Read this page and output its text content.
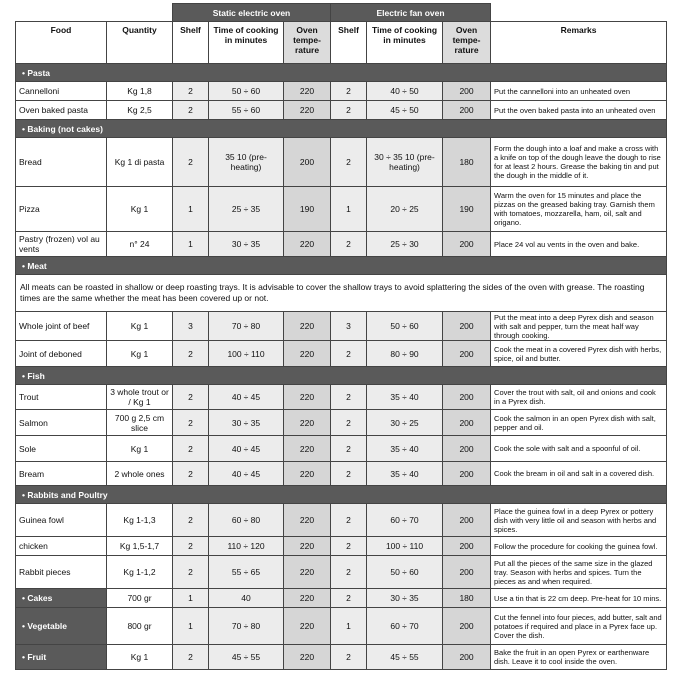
		Static electric oven			Electric fan oven			
Food	Quantity	Shelf	Time of cooking in minutes	Oven tempe-rature	Shelf	Time of cooking in minutes	Oven tempe-rature	Remarks
• Pasta								
Cannelloni	Kg 1,8	2	50 ÷ 60	220	2	40 ÷ 50	200	Put the cannelloni into an unheated oven
Oven baked pasta	Kg 2,5	2	55 ÷ 60	220	2	45 ÷ 50	200	Put the oven baked pasta into an unheated oven
• Baking (not cakes)								
Bread	Kg 1 di pasta	2	35 10 (pre-heating)	200	2	30 ÷ 35 10 (pre-heating)	180	Form the dough into a loaf and make a cross with a knife on top of the dough leave the dough to rise for at least 2 hours. Grease the baking tin and put the dough in the middle of it.
Pizza	Kg 1	1	25 ÷ 35	190	1	20 ÷ 25	190	Warm the oven for 15 minutes and place the pizzas on the greased baking tray. Garnish them with tomatoes, mozzarella, ham, oil, salt and origano.
Pastry (frozen) vol au vents	n° 24	1	30 ÷ 35	220	2	25 ÷ 30	200	Place 24 vol au vents in the oven and bake.
• Meat								
All meats can be roasted in shallow or deep roasting trays. It is advisable to cover the shallow trays to avoid splattering the sides of the oven with grease. The roasting times are the same whether the meat has been covered up or not.								
Whole joint of beef	Kg 1	3	70 ÷ 80	220	3	50 ÷ 60	200	Put the meat into a deep Pyrex dish and season with salt and pepper, turn the meat half way through cooking.
Joint of deboned	Kg 1	2	100 ÷ 110	220	2	80 ÷ 90	200	Cook the meat in a covered Pyrex dish with herbs, spice, oil and butter.
• Fish								
Trout	3 whole trout or / Kg 1	2	40 ÷ 45	220	2	35 ÷ 40	200	Cover the trout with salt, oil and onions and cook in a Pyrex dish.
Salmon	700 g 2,5 cm slice	2	30 ÷ 35	220	2	30 ÷ 25	200	Cook the salmon in an open Pyrex dish with salt, pepper and oil.
Sole	Kg 1	2	40 ÷ 45	220	2	35 ÷ 40	200	Cook the sole with salt and a spoonful of oil.
Bream	2 whole ones	2	40 ÷ 45	220	2	35 ÷ 40	200	Cook the bream in oil and salt in a covered dish.
• Rabbits and Poultry								
Guinea fowl	Kg 1-1,3	2	60 ÷ 80	220	2	60 ÷ 70	200	Place the guinea fowl in a deep Pyrex or pottery dish with very little oil and season with herbs and spices.
chicken	Kg 1,5-1,7	2	110 ÷ 120	220	2	100 ÷ 110	200	Follow the procedure for cooking the guinea fowl.
Rabbit pieces	Kg 1-1,2	2	55 ÷ 65	220	2	50 ÷ 60	200	Put all the pieces of the same size in the glazed tray. Season with herbs and spices. Turn the pieces as and when required.
• Cakes	700 gr	1	40	220	2	30 ÷ 35	180	Use a tin that is 22 cm deep. Pre-heat for 10 mins.
• Vegetable	800 gr	1	70 ÷ 80	220	1	60 ÷ 70	200	Cut the fennel into four pieces, add butter, salt and potatoes if required and place in a Pyrex face up. Cover the dish.
• Fruit	Kg 1	2	45 ÷ 55	220	2	45 ÷ 55	200	Bake the fruit in an open Pyrex or earthenware dish. Leave it to cool inside the oven.
